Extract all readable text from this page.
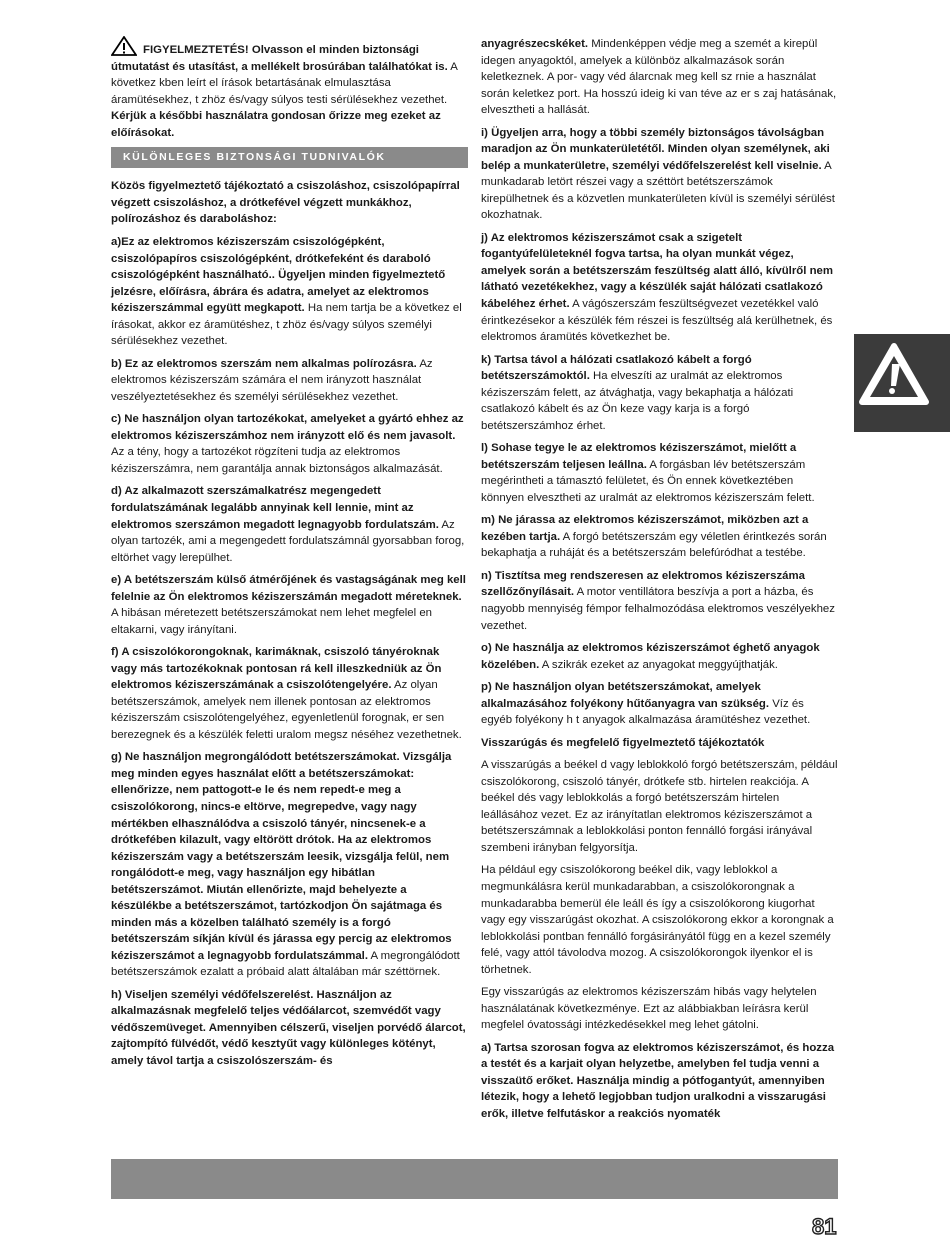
FIGYELMEZTETÉS! Olvasson el minden biztonsági útmutatást és utasítást, a mellékelt brosúrában találhatókat is. A következ kben leírt el írások betartásának elmulasztása áramütésekhez, t zhöz és/vagy súlyos testi sérülésekhez vezethet. Kérjük a későbbi használatra gondosan őrizze meg ezeket az előírásokat.

KÜLÖNLEGES BIZTONSÁGI TUDNIVALÓK

Közös figyelmeztető tájékoztató a csiszoláshoz, csiszolópapírral végzett csiszoláshoz, a drótkefével végzett munkákhoz, polírozáshoz és daraboláshoz:

a)Ez az elektromos kéziszerszám csiszológépként, csiszolópapíros csiszológépként, drótkefeként és daraboló csiszológépként használható.. Ügyeljen minden figyelmeztető jelzésre, előírásra, ábrára és adatra, amelyet az elektromos kéziszerszámmal együtt megkapott. Ha nem tartja be a következ el írásokat, akkor ez áramütéshez, t zhöz és/vagy súlyos személyi sérülésekhez vezethet.

b) Ez az elektromos szerszám nem alkalmas polírozásra. Az elektromos kéziszerszám számára el nem irányzott használat veszélyeztetésekhez és személyi sérülésekhez vezethet.

c) Ne használjon olyan tartozékokat, amelyeket a gyártó ehhez az elektromos kéziszerszámhoz nem irányzott elő és nem javasolt. Az a tény, hogy a tartozékot rögzíteni tudja az elektromos kéziszerszámra, nem garantálja annak biztonságos alkalmazását.

d) Az alkalmazott szerszámalkatrész megengedett fordulatszámának legalább annyinak kell lennie, mint az elektromos szerszámon megadott legnagyobb fordulatszám. Az olyan tartozék, ami a megengedett fordulatszámnál gyorsabban forog, eltörhet vagy lerepülhet.

e) A betétszerszám külső átmérőjének és vastagságának meg kell felelnie az Ön elektromos kéziszerszámán megadott méreteknek. A hibásan méretezett betétszerszámokat nem lehet megfelel en eltakarni, vagy irányítani.

f) A csiszolókorongoknak, karimáknak, csiszoló tányéroknak vagy más tartozékoknak pontosan rá kell illeszkedniük az Ön elektromos kéziszerszámának a csiszolótengelyére. Az olyan betétszerszámok, amelyek nem illenek pontosan az elektromos kéziszerszám csiszolótengelyéhez, egyenletlenül forognak, er sen berezegnek és a készülék feletti uralom megsz néséhez vezethetnek.

g) Ne használjon megrongálódott betétszerszámokat. Vizsgálja meg minden egyes használat előtt a betétszerszámokat: ellenőrizze, nem pattogott-e le és nem repedt-e meg a csiszolókorong, nincs-e eltörve, megrepedve, vagy nagy mértékben elhasználódva a csiszoló tányér, nincsenek-e a drótkefében kilazult, vagy eltörött drótok. Ha az elektromos kéziszerszám vagy a betétszerszám leesik, vizsgálja felül, nem rongálódott-e meg, vagy használjon egy hibátlan betétszerszámot. Miután ellenőrizte, majd behelyezte a készülékbe a betétszerszámot, tartózkodjon Ön sajátmaga és minden más a közelben található személy is a forgó betétszerszám síkján kívül és járassa egy percig az elektromos kéziszerszámot a legnagyobb fordulatszámmal. A megrongálódott betétszerszámok ezalatt a próbaid alatt általában már széttörnek.

h) Viseljen személyi védőfelszerelést. Használjon az alkalmazásnak megfelelő teljes védőálarcot, szemvédőt vagy védőszemüveget. Amennyiben célszerű, viseljen porvédő álarcot, zajtompító fülvédőt, védő kesztyűt vagy különleges kötényt, amely távol tartja a csiszolószerszám- és

anyagrészecskéket. Mindenképpen védje meg a szemét a kirepül idegen anyagoktól, amelyek a különböz alkalmazások során keletkeznek. A por- vagy véd álarcnak meg kell sz rnie a használat során keletkez port. Ha hosszú ideig ki van téve az er s zaj hatásának, elvesztheti a hallását.

i) Ügyeljen arra, hogy a többi személy biztonságos távolságban maradjon az Ön munkaterületétől. Minden olyan személynek, aki belép a munkaterületre, személyi védőfelszerelést kell viselnie. A munkadarab letört részei vagy a széttört betétszerszámok kirepülhetnek és a közvetlen munkaterületen kívül is személyi sérülést okozhatnak.

j) Az elektromos kéziszerszámot csak a szigetelt fogantyúfelületeknél fogva tartsa, ha olyan munkát végez, amelyek során a betétszerszám feszültség alatt álló, kívülről nem látható vezetékekhez, vagy a készülék saját hálózati csatlakozó kábeléhez érhet. A vágószerszám feszültségvezet vezetékkel való érintkezésekor a készülék fém részei is feszültség alá kerülhetnek, és elektromos áramütés következhet be.

k) Tartsa távol a hálózati csatlakozó kábelt a forgó betétszerszámoktól. Ha elveszíti az uralmát az elektromos kéziszerszám felett, az átvághatja, vagy bekaphatja a hálózati csatlakozó kábelt és az Ön keze vagy karja is a forgó betétszerszámhoz érhet.

l) Sohase tegye le az elektromos kéziszerszámot, mielőtt a betétszerszám teljesen leállna. A forgásban lév betétszerszám megérintheti a támasztó felületet, és Ön ennek következtében könnyen elvesztheti az uralmát az elektromos kéziszerszám felett.

m) Ne járassa az elektromos kéziszerszámot, miközben azt a kezében tartja. A forgó betétszerszám egy véletlen érintkezés során bekaphatja a ruháját és a betétszerszám belefúródhat a testébe.

n) Tisztítsa meg rendszeresen az elektromos kéziszerszáma szellőzőnyílásait. A motor ventillátora beszívja a port a házba, és nagyobb mennyiség fémpor felhalmozódása elektromos veszélyekhez vezethet.

o) Ne használja az elektromos kéziszerszámot éghető anyagok közelében. A szikrák ezeket az anyagokat meggyújthatják.

p) Ne használjon olyan betétszerszámokat, amelyek alkalmazásához folyékony hűtőanyagra van szükség. Víz és egyéb folyékony h t anyagok alkalmazása áramütéshez vezethet.

Visszarúgás és megfelelő figyelmeztető tájékoztatók

A visszarúgás a beékel d vagy leblokkoló forgó betétszerszám, például csiszolókorong, csiszoló tányér, drótkefe stb. hirtelen reakciója. A beékel dés vagy leblokkolás a forgó betétszerszám hirtelen leállásához vezet. Ez az irányítatlan elektromos kéziszerszámot a betétszerszámnak a leblokkolási ponton fennálló forgási irányával szembeni irányban felgyorsítja.

Ha például egy csiszolókorong beékel dik, vagy leblokkol a megmunkálásra kerül munkadarabban, a csiszolókorongnak a munkadarabba bemerül éle leáll és így a csiszolókorong kiugorhat vagy egy visszarúgást okozhat. A csiszolókorong ekkor a korongnak a leblokkolási pontban fennálló forgásirányától függ en a kezel személy felé, vagy attól távolodva mozog. A csiszolókorongok ilyenkor el is törhetnek.

Egy visszarúgás az elektromos kéziszerszám hibás vagy helytelen használatának következménye. Ezt az alábbiakban leírásra kerül megfelel óvatossági intézkedésekkel meg lehet gátolni.

a) Tartsa szorosan fogva az elektromos kéziszerszámot, és hozza a testét és a karjait olyan helyzetbe, amelyben fel tudja venni a visszaütő erőket. Használja mindig a pótfogantyút, amennyiben létezik, hogy a lehető legjobban tudjon uralkodni a visszarugási erők, illetve felfutáskor a reakciós nyomaték

81
